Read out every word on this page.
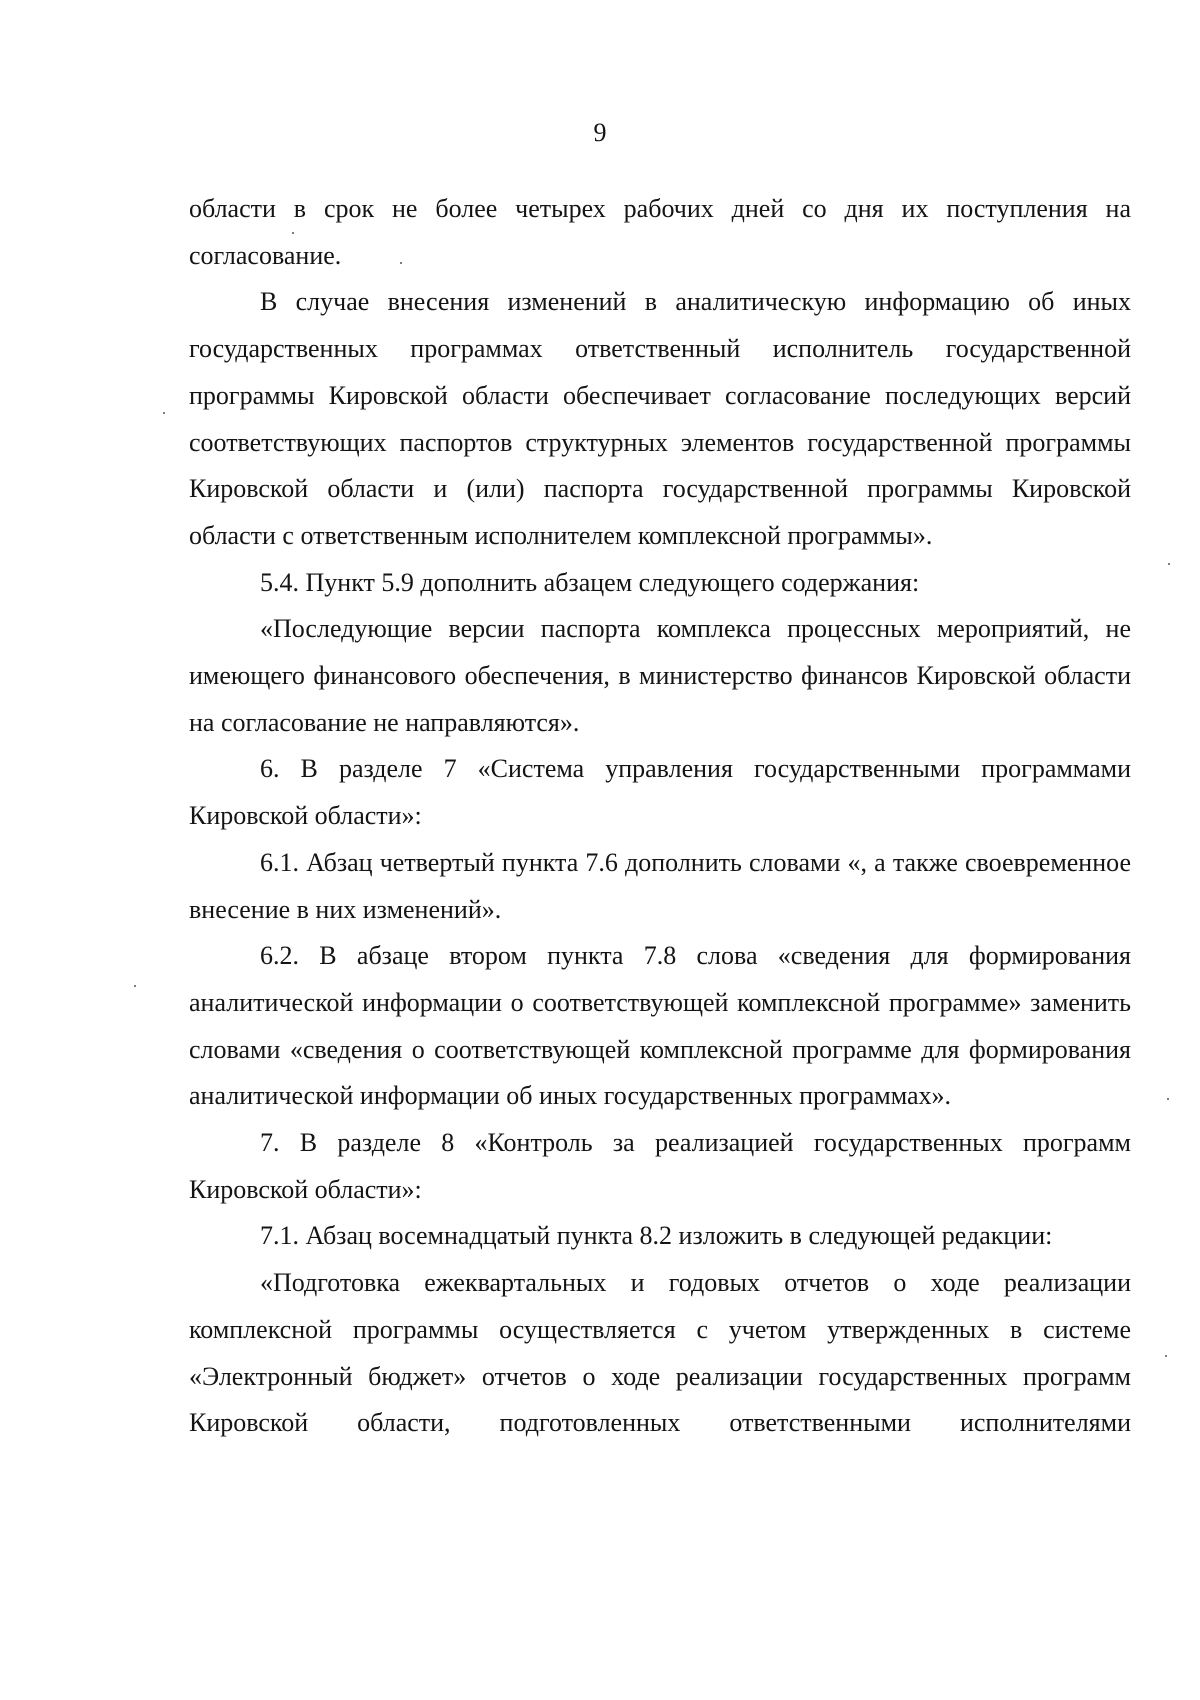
9

области в срок не более четырех рабочих дней со дня их поступления на согласование.

В случае внесения изменений в аналитическую информацию об иных государственных программах ответственный исполнитель государственной программы Кировской области обеспечивает согласование последующих версий соответствующих паспортов структурных элементов государственной программы Кировской области и (или) паспорта государственной программы Кировской области с ответственным исполнителем комплексной программы».

5.4. Пункт 5.9 дополнить абзацем следующего содержания:

«Последующие версии паспорта комплекса процессных мероприятий, не имеющего финансового обеспечения, в министерство финансов Кировской области на согласование не направляются».

6. В разделе 7 «Система управления государственными программами Кировской области»:

6.1. Абзац четвертый пункта 7.6 дополнить словами «, а также своевременное внесение в них изменений».

6.2. В абзаце втором пункта 7.8 слова «сведения для формирования аналитической информации о соответствующей комплексной программе» заменить словами «сведения о соответствующей комплексной программе для формирования аналитической информации об иных государственных программах».

7. В разделе 8 «Контроль за реализацией государственных программ Кировской области»:

7.1. Абзац восемнадцатый пункта 8.2 изложить в следующей редакции:

«Подготовка ежеквартальных и годовых отчетов о ходе реализации комплексной программы осуществляется с учетом утвержденных в системе «Электронный бюджет» отчетов о ходе реализации государственных программ Кировской области, подготовленных ответственными исполнителями
